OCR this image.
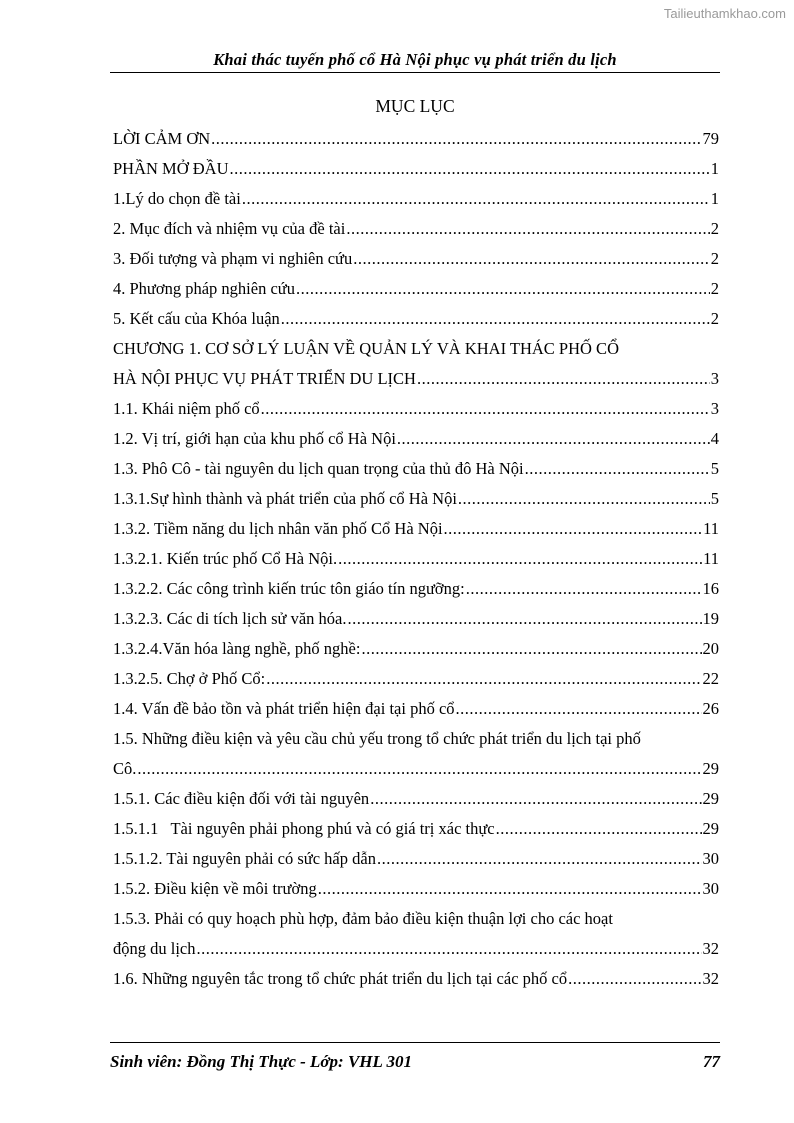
Tailieuthamkhao.com
Khai thác tuyến phố cổ Hà Nội phục vụ phát triển du lịch
MỤC LỤC
LỜI CẢM ƠN .....	79
PHẦN MỞ ĐẦU .....	1
1.Lý do chọn đề tài .....	1
2. Mục đích và nhiệm vụ của đề tài .....	2
3. Đối tượng và phạm vi nghiên cứu .....	2
4. Phương pháp nghiên cứu .....	2
5. Kết cấu của Khóa luận .....	2
CHƯƠNG 1. CƠ SỞ LÝ LUẬN VỀ QUẢN LÝ VÀ KHAI THÁC PHỐ CỔ
HÀ NỘI PHỤC VỤ PHÁT TRIỂN DU LỊCH .....	3
1.1. Khái niệm phố cổ .....	3
1.2. Vị trí, giới hạn của khu phố cổ Hà Nội .....	4
1.3. Phô Cô - tài nguyên du lịch quan trọng của thủ đô Hà Nội .....	5
1.3.1.Sự hình thành và phát triển của phố cổ Hà Nội .....	5
1.3.2. Tiềm năng du lịch nhân văn phố Cổ Hà Nội .....	11
1.3.2.1. Kiến trúc phố Cổ Hà Nội. .....	11
1.3.2.2. Các công trình kiến trúc tôn giáo tín ngưỡng: .....	16
1.3.2.3. Các di tích lịch sử văn hóa. .....	19
1.3.2.4.Văn hóa làng nghề, phố nghề: .....	20
1.3.2.5. Chợ ở Phố Cổ: .....	22
1.4. Vấn đề bảo tồn và phát triển hiện đại tại phố cổ .....	26
1.5. Những điều kiện và yêu cầu chủ yếu trong tổ chức phát triển du lịch tại phố
Cô. .....	29
1.5.1. Các điều kiện đối với tài nguyên .....	29
1.5.1.1   Tài nguyên phải phong phú và có giá trị xác thực .....	29
1.5.1.2. Tài nguyên phải có sức hấp dẫn .....	30
1.5.2. Điều kiện về môi trường .....	30
1.5.3. Phải có quy hoạch phù hợp, đảm bảo điều kiện thuận lợi cho các hoạt
động du lịch .....	32
1.6. Những nguyên tắc trong tổ chức phát triển du lịch tại các phố cổ .....	32
Sinh viên: Đồng Thị Thực - Lớp: VHL 301	77
